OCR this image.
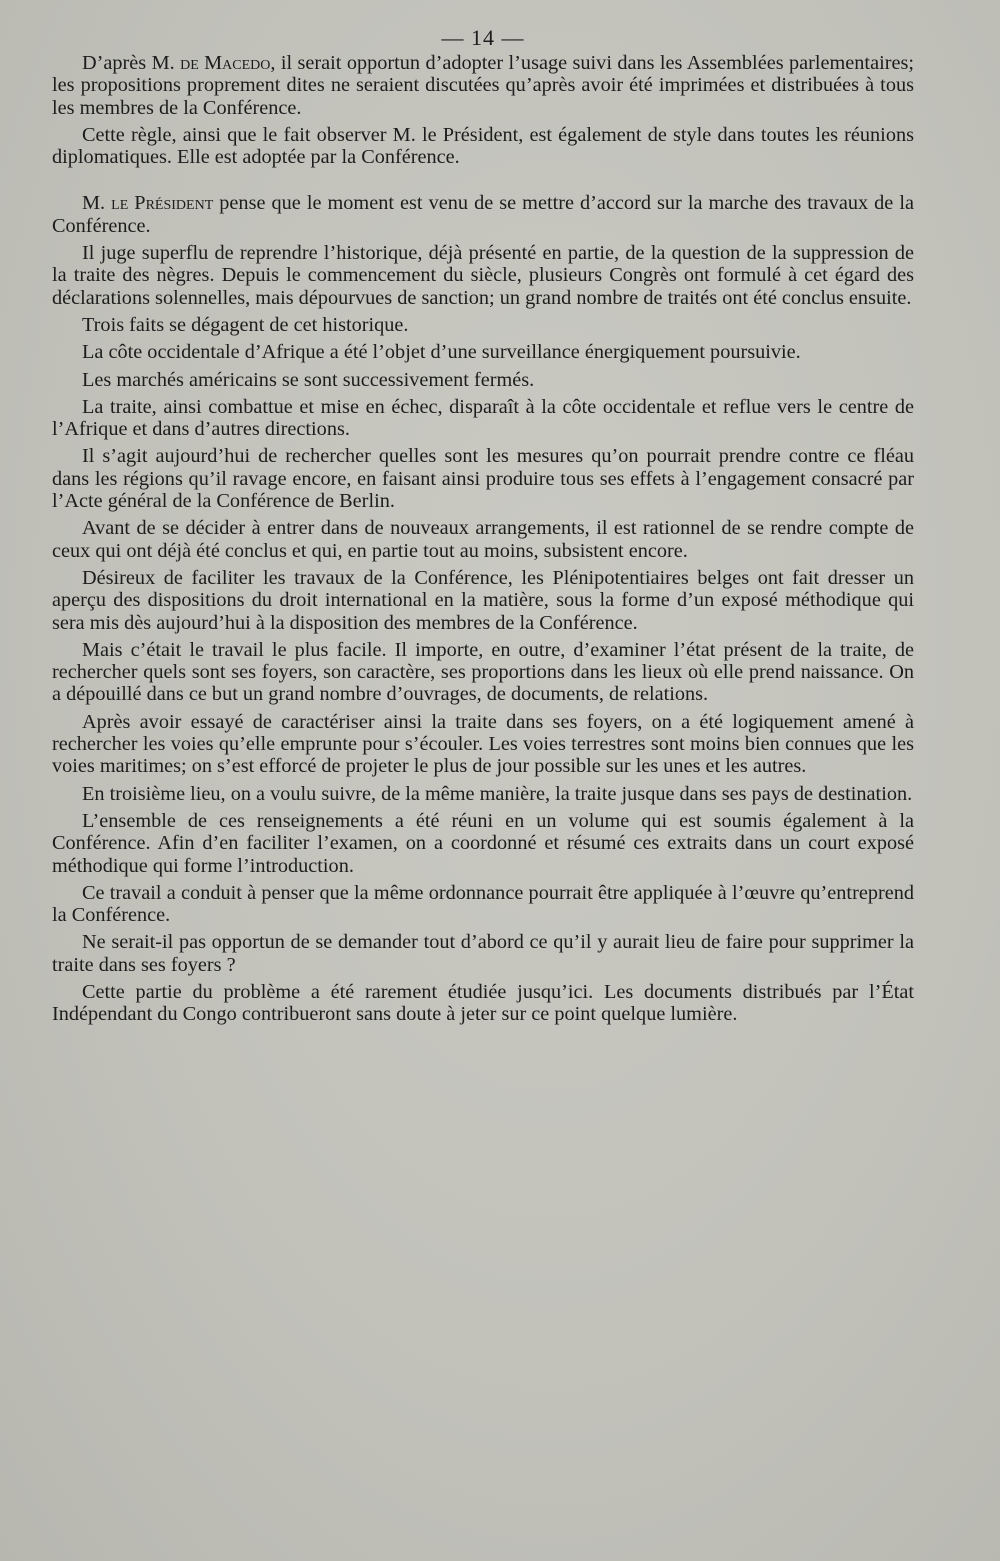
— 14 —

D’après M. de Macedo, il serait opportun d’adopter l’usage suivi dans les Assemblées parlementaires; les propositions proprement dites ne seraient discutées qu’après avoir été imprimées et distribuées à tous les membres de la Conférence.

Cette règle, ainsi que le fait observer M. le Président, est également de style dans toutes les réunions diplomatiques. Elle est adoptée par la Conférence.

M. le Président pense que le moment est venu de se mettre d’accord sur la marche des travaux de la Conférence.

Il juge superflu de reprendre l’historique, déjà présenté en partie, de la question de la suppression de la traite des nègres. Depuis le commencement du siècle, plusieurs Congrès ont formulé à cet égard des déclarations solennelles, mais dépourvues de sanction; un grand nombre de traités ont été conclus ensuite.

Trois faits se dégagent de cet historique.

La côte occidentale d’Afrique a été l’objet d’une surveillance énergiquement poursuivie.

Les marchés américains se sont successivement fermés.

La traite, ainsi combattue et mise en échec, disparaît à la côte occidentale et reflue vers le centre de l’Afrique et dans d’autres directions.

Il s’agit aujourd’hui de rechercher quelles sont les mesures qu’on pourrait prendre contre ce fléau dans les régions qu’il ravage encore, en faisant ainsi produire tous ses effets à l’engagement consacré par l’Acte général de la Conférence de Berlin.

Avant de se décider à entrer dans de nouveaux arrangements, il est rationnel de se rendre compte de ceux qui ont déjà été conclus et qui, en partie tout au moins, subsistent encore.

Désireux de faciliter les travaux de la Conférence, les Plénipotentiaires belges ont fait dresser un aperçu des dispositions du droit international en la matière, sous la forme d’un exposé méthodique qui sera mis dès aujourd’hui à la disposition des membres de la Conférence.

Mais c’était le travail le plus facile. Il importe, en outre, d’examiner l’état présent de la traite, de rechercher quels sont ses foyers, son caractère, ses proportions dans les lieux où elle prend naissance. On a dépouillé dans ce but un grand nombre d’ouvrages, de documents, de relations.

Après avoir essayé de caractériser ainsi la traite dans ses foyers, on a été logiquement amené à rechercher les voies qu’elle emprunte pour s’écouler. Les voies terrestres sont moins bien connues que les voies maritimes; on s’est efforcé de projeter le plus de jour possible sur les unes et les autres.

En troisième lieu, on a voulu suivre, de la même manière, la traite jusque dans ses pays de destination.

L’ensemble de ces renseignements a été réuni en un volume qui est soumis également à la Conférence. Afin d’en faciliter l’examen, on a coordonné et résumé ces extraits dans un court exposé méthodique qui forme l’introduction.

Ce travail a conduit à penser que la même ordonnance pourrait être appliquée à l’œuvre qu’entreprend la Conférence.

Ne serait-il pas opportun de se demander tout d’abord ce qu’il y aurait lieu de faire pour supprimer la traite dans ses foyers ?

Cette partie du problème a été rarement étudiée jusqu’ici. Les documents distribués par l’État Indépendant du Congo contribueront sans doute à jeter sur ce point quelque lumière.
